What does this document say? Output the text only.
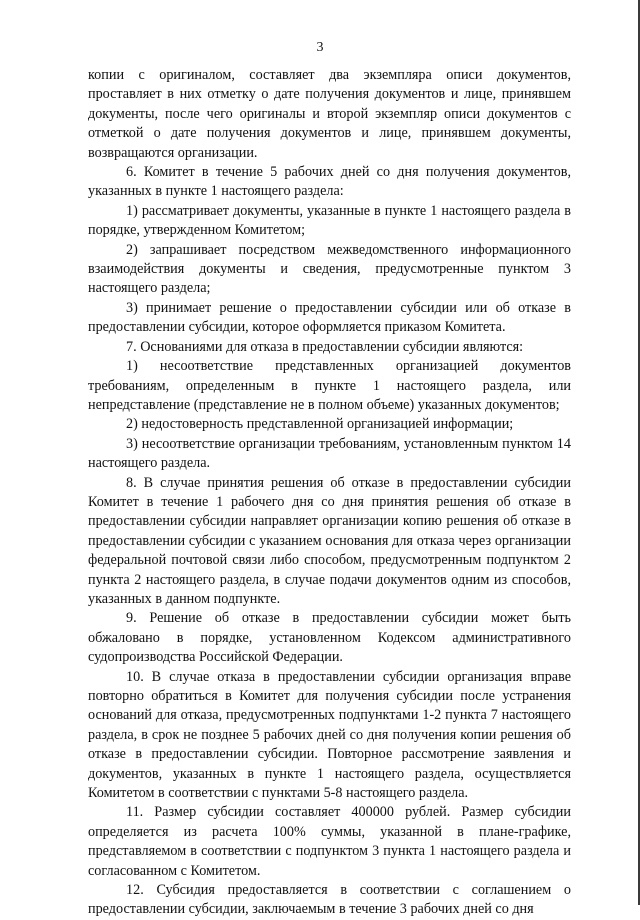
3

копии с оригиналом, составляет два экземпляра описи документов, проставляет в них отметку о дате получения документов и лице, принявшем документы, после чего оригиналы и второй экземпляр описи документов с отметкой о дате получения документов и лице, принявшем документы, возвращаются организации.

6. Комитет в течение 5 рабочих дней со дня получения документов, указанных в пункте 1 настоящего раздела:

1) рассматривает документы, указанные в пункте 1 настоящего раздела в порядке, утвержденном Комитетом;

2) запрашивает посредством межведомственного информационного взаимодействия документы и сведения, предусмотренные пунктом 3 настоящего раздела;

3) принимает решение о предоставлении субсидии или об отказе в предоставлении субсидии, которое оформляется приказом Комитета.

7. Основаниями для отказа в предоставлении субсидии являются:

1) несоответствие представленных организацией документов требованиям, определенным в пункте 1 настоящего раздела, или непредставление (представление не в полном объеме) указанных документов;

2) недостоверность представленной организацией информации;

3) несоответствие организации требованиям, установленным пунктом 14 настоящего раздела.

8. В случае принятия решения об отказе в предоставлении субсидии Комитет в течение 1 рабочего дня со дня принятия решения об отказе в предоставлении субсидии направляет организации копию решения об отказе в предоставлении субсидии с указанием основания для отказа через организации федеральной почтовой связи либо способом, предусмотренным подпунктом 2 пункта 2 настоящего раздела, в случае подачи документов одним из способов, указанных в данном подпункте.

9. Решение об отказе в предоставлении субсидии может быть обжаловано в порядке, установленном Кодексом административного судопроизводства Российской Федерации.

10. В случае отказа в предоставлении субсидии организация вправе повторно обратиться в Комитет для получения субсидии после устранения оснований для отказа, предусмотренных подпунктами 1-2 пункта 7 настоящего раздела, в срок не позднее 5 рабочих дней со дня получения копии решения об отказе в предоставлении субсидии. Повторное рассмотрение заявления и документов, указанных в пункте 1 настоящего раздела, осуществляется Комитетом в соответствии с пунктами 5-8 настоящего раздела.

11. Размер субсидии составляет 400000 рублей. Размер субсидии определяется из расчета 100% суммы, указанной в плане-графике, представляемом в соответствии с подпунктом 3 пункта 1 настоящего раздела и согласованном с Комитетом.

12. Субсидия предоставляется в соответствии с соглашением о предоставлении субсидии, заключаемым в течение 3 рабочих дней со дня
